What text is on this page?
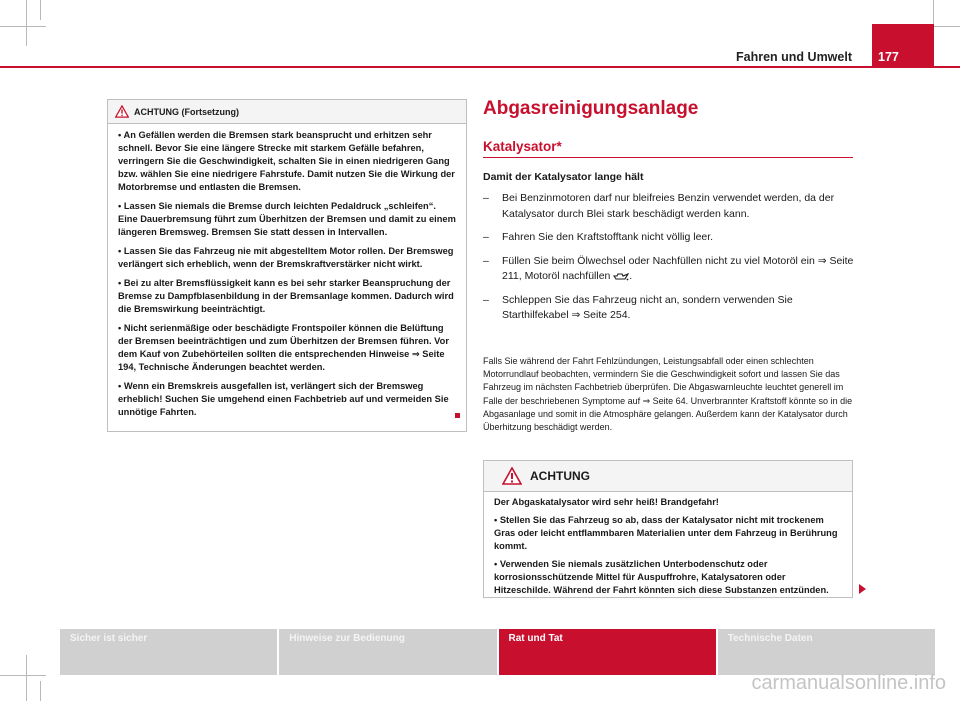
Fahren und Umwelt 177
ACHTUNG (Fortsetzung)

• An Gefällen werden die Bremsen stark beansprucht und erhitzen sehr schnell. Bevor Sie eine längere Strecke mit starkem Gefälle befahren, verringern Sie die Geschwindigkeit, schalten Sie in einen niedrigeren Gang bzw. wählen Sie eine niedrigere Fahrstufe. Damit nutzen Sie die Wirkung der Motorbremse und entlasten die Bremsen.

• Lassen Sie niemals die Bremse durch leichten Pedaldruck „schleifen“. Eine Dauerbremsung führt zum Überhitzen der Bremsen und damit zu einem längeren Bremsweg. Bremsen Sie statt dessen in Intervallen.

• Lassen Sie das Fahrzeug nie mit abgestelltem Motor rollen. Der Bremsweg verlängert sich erheblich, wenn der Bremskraftverstärker nicht wirkt.

• Bei zu alter Bremsflüssigkeit kann es bei sehr starker Beanspruchung der Bremse zu Dampfblasenbildung in der Bremsanlage kommen. Dadurch wird die Bremswirkung beeinträchtigt.

• Nicht serienmäßige oder beschädigte Frontspoiler können die Belüftung der Bremsen beeinträchtigen und zum Überhitzen der Bremsen führen. Vor dem Kauf von Zubehörteilen sollten die entsprechenden Hinweise ⇒ Seite 194, Technische Änderungen beachtet werden.

• Wenn ein Bremskreis ausgefallen ist, verlängert sich der Bremsweg erheblich! Suchen Sie umgehend einen Fachbetrieb auf und vermeiden Sie unnötige Fahrten.

Abgasreinigungsanlage
Katalysator*
Damit der Katalysator lange hält
– Bei Benzinmotoren darf nur bleifreies Benzin verwendet werden, da der Katalysator durch Blei stark beschädigt werden kann.
– Fahren Sie den Kraftstofftank nicht völlig leer.
– Füllen Sie beim Ölwechsel oder Nachfüllen nicht zu viel Motoröl ein ⇒ Seite 211, Motoröl nachfüllen .
– Schleppen Sie das Fahrzeug nicht an, sondern verwenden Sie Starthilfekabel ⇒ Seite 254.
Falls Sie während der Fahrt Fehlzündungen, Leistungsabfall oder einen schlechten Motorrundlauf beobachten, vermindern Sie die Geschwindigkeit sofort und lassen Sie das Fahrzeug im nächsten Fachbetrieb überprüfen. Die Abgaswarnleuchte leuchtet generell im Falle der beschriebenen Symptome auf ⇒ Seite 64. Unverbrannter Kraftstoff könnte so in die Abgasanlage und somit in die Atmosphäre gelangen. Außerdem kann der Katalysator durch Überhitzung beschädigt werden.
ACHTUNG

Der Abgaskatalysator wird sehr heiß! Brandgefahr!

• Stellen Sie das Fahrzeug so ab, dass der Katalysator nicht mit trockenem Gras oder leicht entflammbaren Materialien unter dem Fahrzeug in Berührung kommt.

• Verwenden Sie niemals zusätzlichen Unterbodenschutz oder korrosionsschützende Mittel für Auspuffrohre, Katalysatoren oder Hitzeschilde. Während der Fahrt könnten sich diese Substanzen entzünden.

Sicher ist sicher	Hinweise zur Bedienung	Rat und Tat	Technische Daten
carmanualsonline.info
